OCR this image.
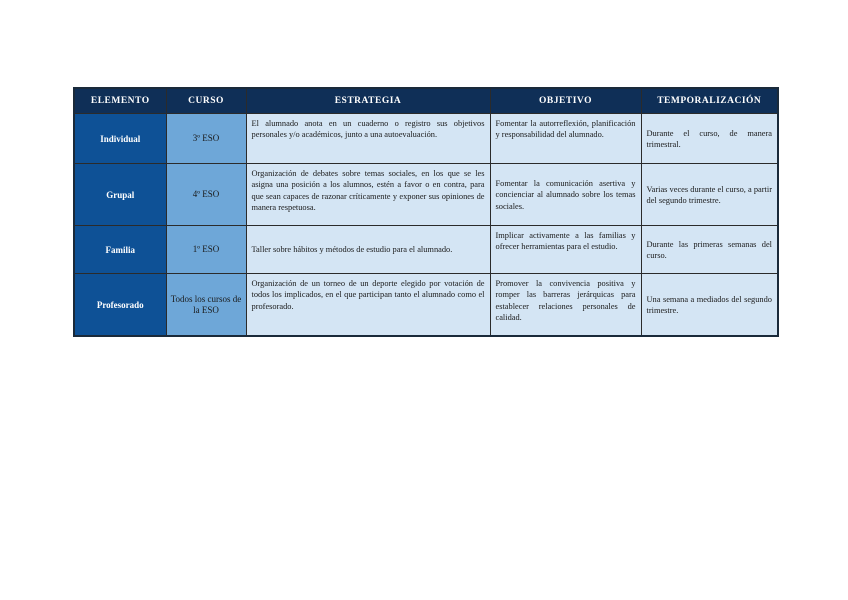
ELEMENTO	CURSO	ESTRATEGIA	OBJETIVO	TEMPORALIZACIÓN
Individual	3º ESO	El alumnado anota en un cuaderno o registro sus objetivos personales y/o académicos, junto a una autoevaluación.	Fomentar la autorreflexión, planificación y responsabilidad del alumnado.	Durante el curso, de manera trimestral.
Grupal	4º ESO	Organización de debates sobre temas sociales, en los que se les asigna una posición a los alumnos, estén a favor o en contra, para que sean capaces de razonar críticamente y exponer sus opiniones de manera respetuosa.	Fomentar la comunicación asertiva y concienciar al alumnado sobre los temas sociales.	Varias veces durante el curso, a partir del segundo trimestre.
Familia	1º ESO	Taller sobre hábitos y métodos de estudio para el alumnado.	Implicar activamente a las familias y ofrecer herramientas para el estudio.	Durante las primeras semanas del curso.
Profesorado	Todos los cursos de la ESO	Organización de un torneo de un deporte elegido por votación de todos los implicados, en el que participan tanto el alumnado como el profesorado.	Promover la convivencia positiva y romper las barreras jerárquicas para establecer relaciones personales de calidad.	Una semana a mediados del segundo trimestre.
